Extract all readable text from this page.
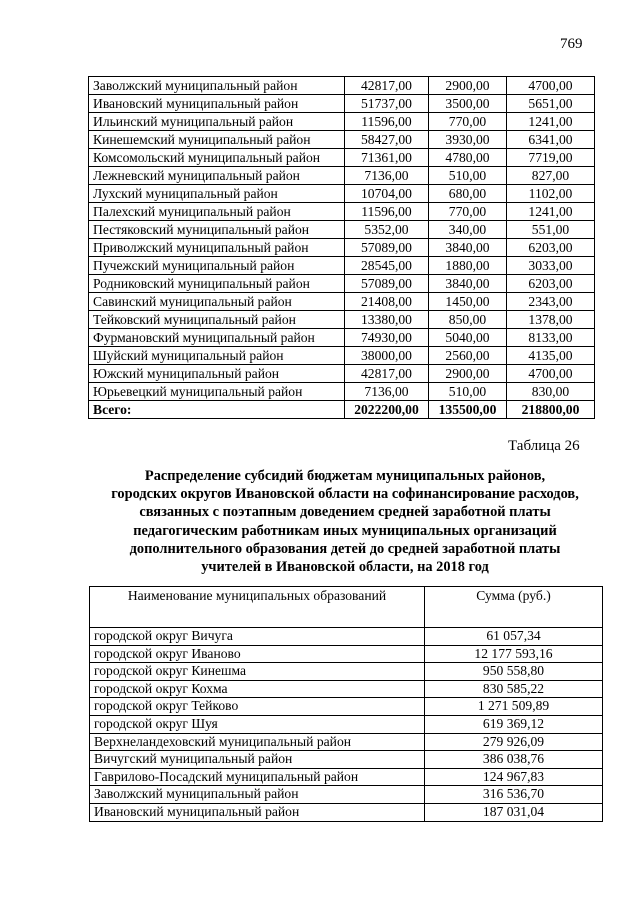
769
Заволжский муниципальный район	42817,00	2900,00	4700,00
Ивановский муниципальный район	51737,00	3500,00	5651,00
Ильинский муниципальный район	11596,00	770,00	1241,00
Кинешемский муниципальный район	58427,00	3930,00	6341,00
Комсомольский муниципальный район	71361,00	4780,00	7719,00
Лежневский муниципальный район	7136,00	510,00	827,00
Лухский муниципальный район	10704,00	680,00	1102,00
Палехский муниципальный район	11596,00	770,00	1241,00
Пестяковский муниципальный район	5352,00	340,00	551,00
Приволжский муниципальный район	57089,00	3840,00	6203,00
Пучежский муниципальный район	28545,00	1880,00	3033,00
Родниковский муниципальный район	57089,00	3840,00	6203,00
Савинский муниципальный район	21408,00	1450,00	2343,00
Тейковский муниципальный район	13380,00	850,00	1378,00
Фурмановский муниципальный район	74930,00	5040,00	8133,00
Шуйский муниципальный район	38000,00	2560,00	4135,00
Южский муниципальный район	42817,00	2900,00	4700,00
Юрьевецкий муниципальный район	7136,00	510,00	830,00
Всего:	2022200,00	135500,00	218800,00
Таблица 26
Распределение субсидий бюджетам муниципальных районов,
городских округов Ивановской области на софинансирование расходов,
связанных с поэтапным доведением средней заработной платы
педагогическим работникам иных муниципальных организаций
дополнительного образования детей до средней заработной платы
учителей в Ивановской области, на 2018 год
Наименование муниципальных образований	Сумма (руб.)
городской округ Вичуга	61 057,34
городской округ Иваново	12 177 593,16
городской округ Кинешма	950 558,80
городской округ Кохма	830 585,22
городской округ Тейково	1 271 509,89
городской округ Шуя	619 369,12
Верхнеландеховский муниципальный район	279 926,09
Вичугский муниципальный район	386 038,76
Гаврилово-Посадский муниципальный район	124 967,83
Заволжский муниципальный район	316 536,70
Ивановский муниципальный район	187 031,04
